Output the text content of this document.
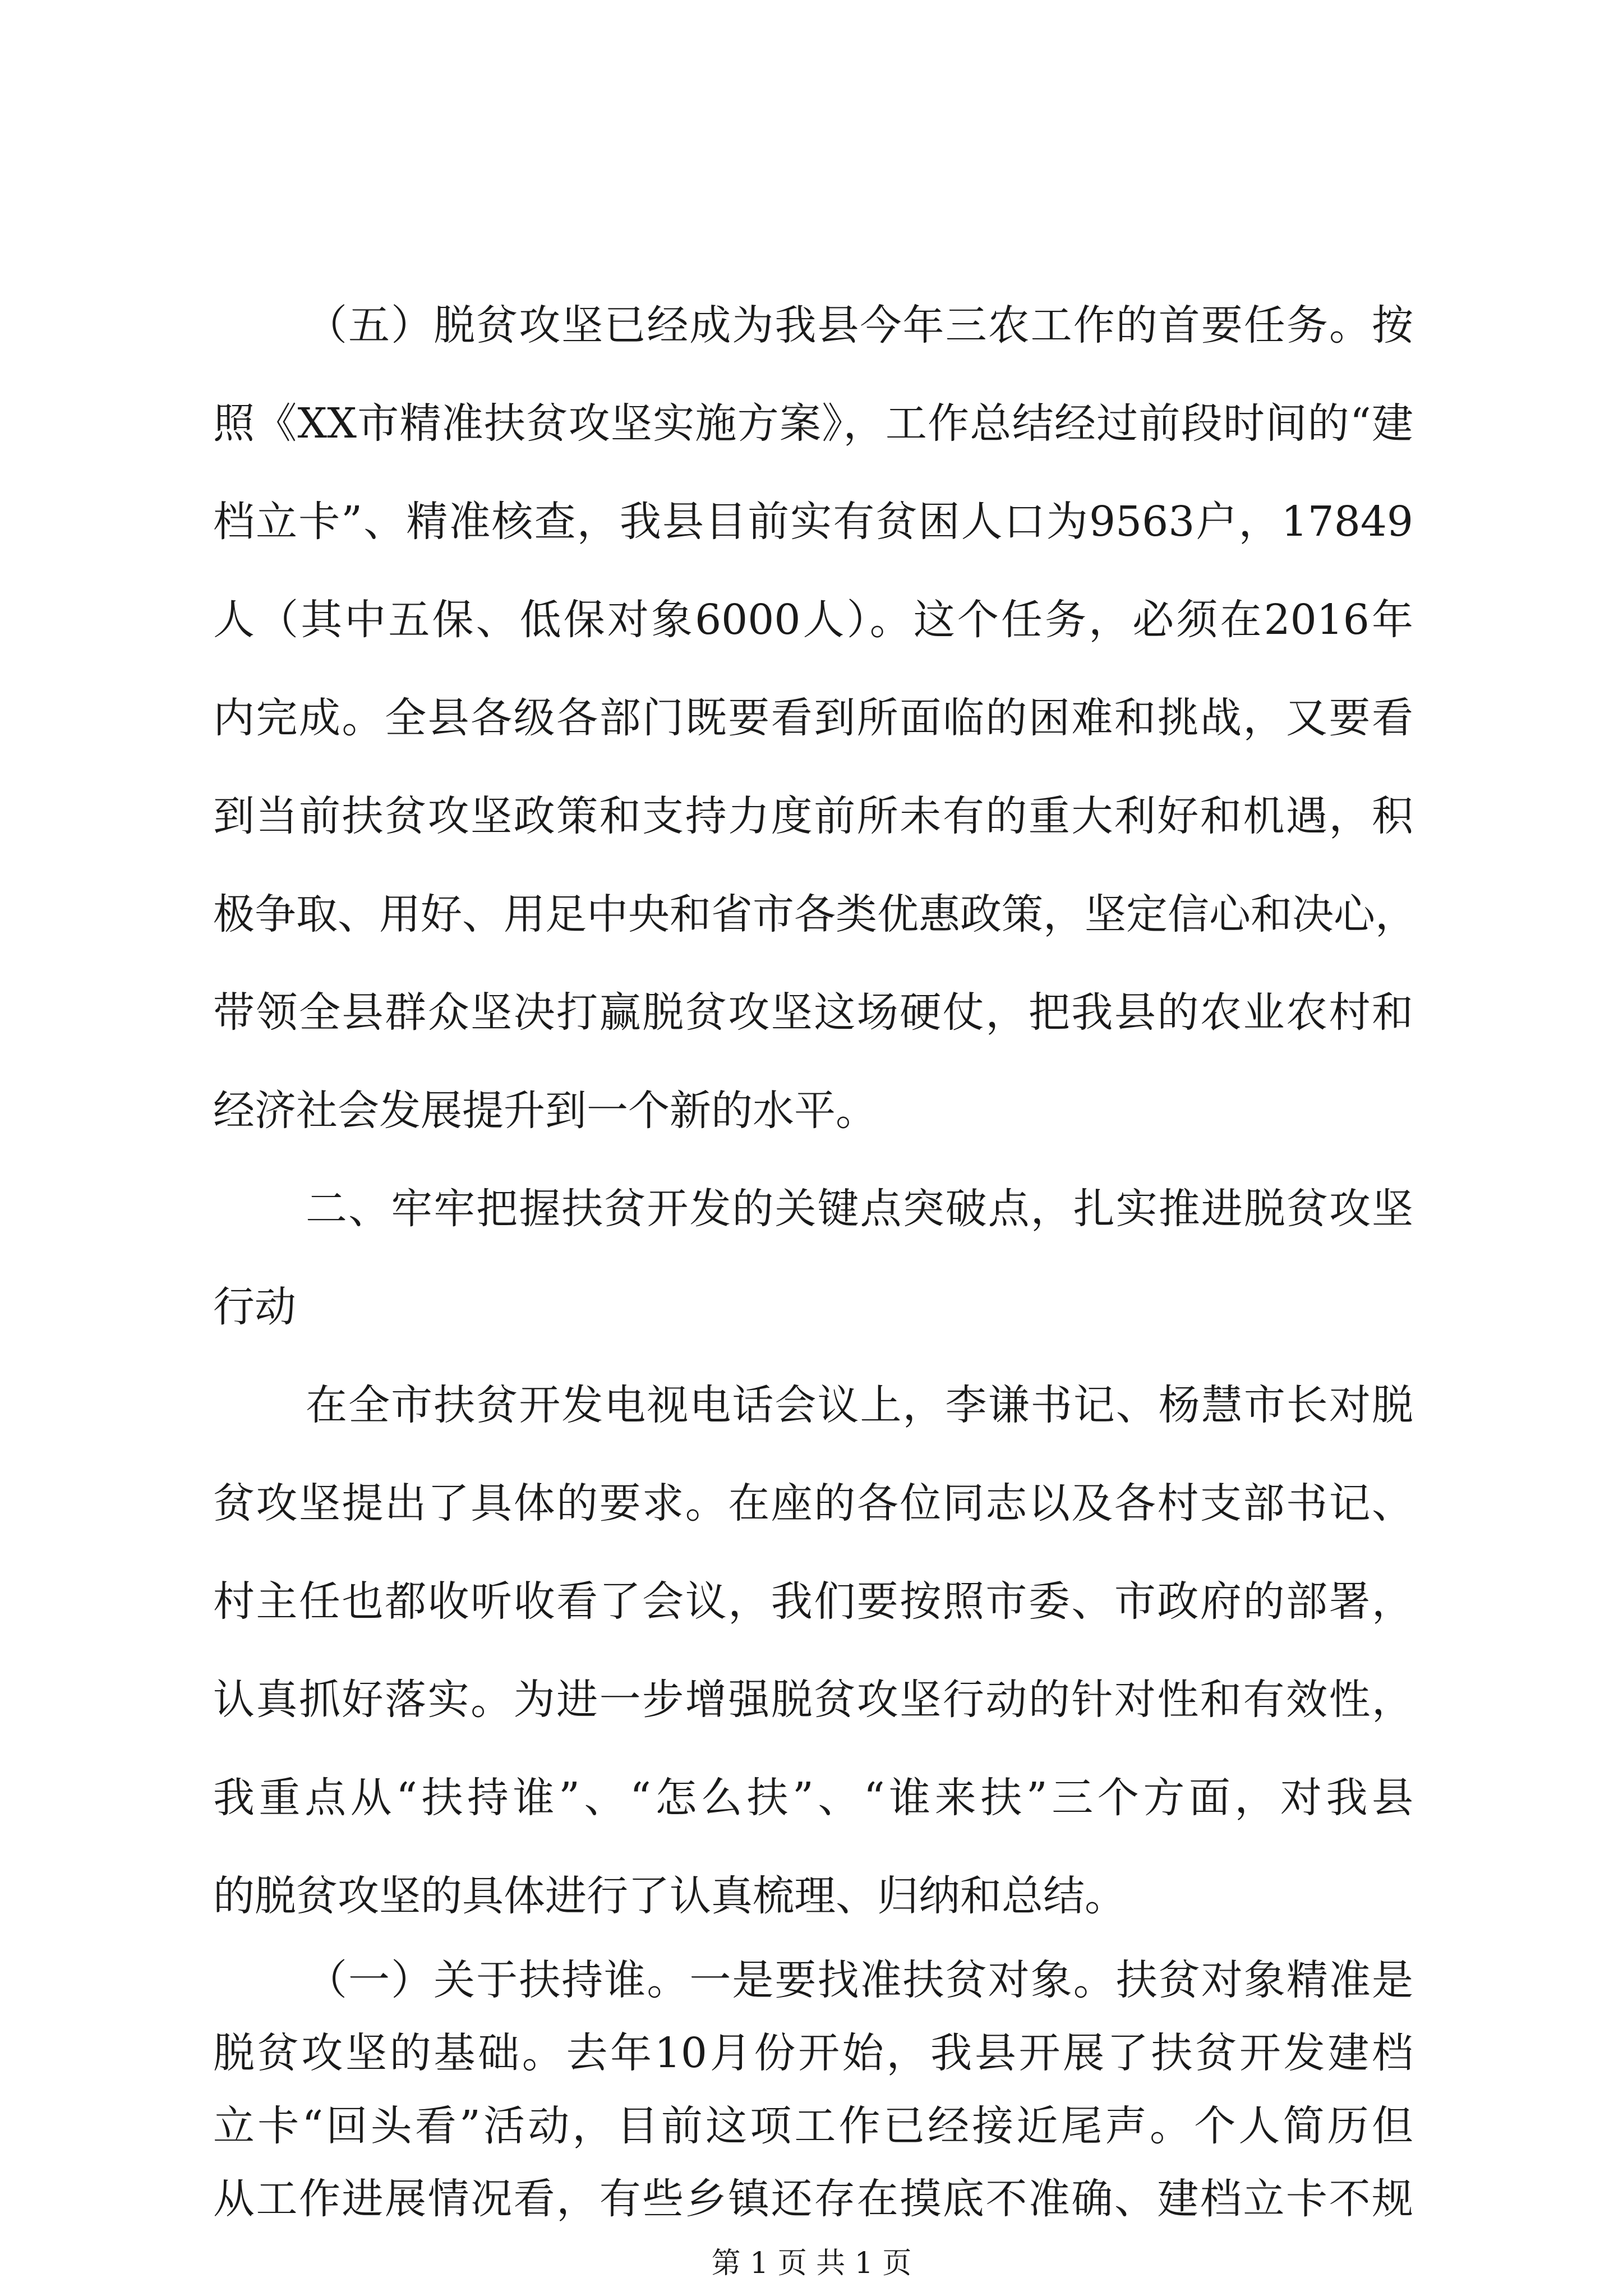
（五）脱贫攻坚已经成为我县今年三农工作的首要任务。按
照《XX市精准扶贫攻坚实施方案》，工作总结经过前段时间的“建
档立卡”、精准核查，我县目前实有贫困人口为9563户，17849
人（其中五保、低保对象6000人）。这个任务，必须在2016年
内完成。全县各级各部门既要看到所面临的困难和挑战，又要看
到当前扶贫攻坚政策和支持力度前所未有的重大利好和机遇，积
极争取、用好、用足中央和省市各类优惠政策，坚定信心和决心，
带领全县群众坚决打赢脱贫攻坚这场硬仗，把我县的农业农村和
经济社会发展提升到一个新的水平。
二、牢牢把握扶贫开发的关键点突破点，扎实推进脱贫攻坚
行动
在全市扶贫开发电视电话会议上，李谦书记、杨慧市长对脱
贫攻坚提出了具体的要求。在座的各位同志以及各村支部书记、
村主任也都收听收看了会议，我们要按照市委、市政府的部署，
认真抓好落实。为进一步增强脱贫攻坚行动的针对性和有效性，
我重点从“扶持谁”、“怎么扶”、“谁来扶”三个方面，对我县
的脱贫攻坚的具体进行了认真梳理、归纳和总结。
（一）关于扶持谁。一是要找准扶贫对象。扶贫对象精准是
脱贫攻坚的基础。去年10月份开始，我县开展了扶贫开发建档
立卡“回头看”活动，目前这项工作已经接近尾声。个人简历但
从工作进展情况看，有些乡镇还存在摸底不准确、建档立卡不规
第 1 页 共 1 页
